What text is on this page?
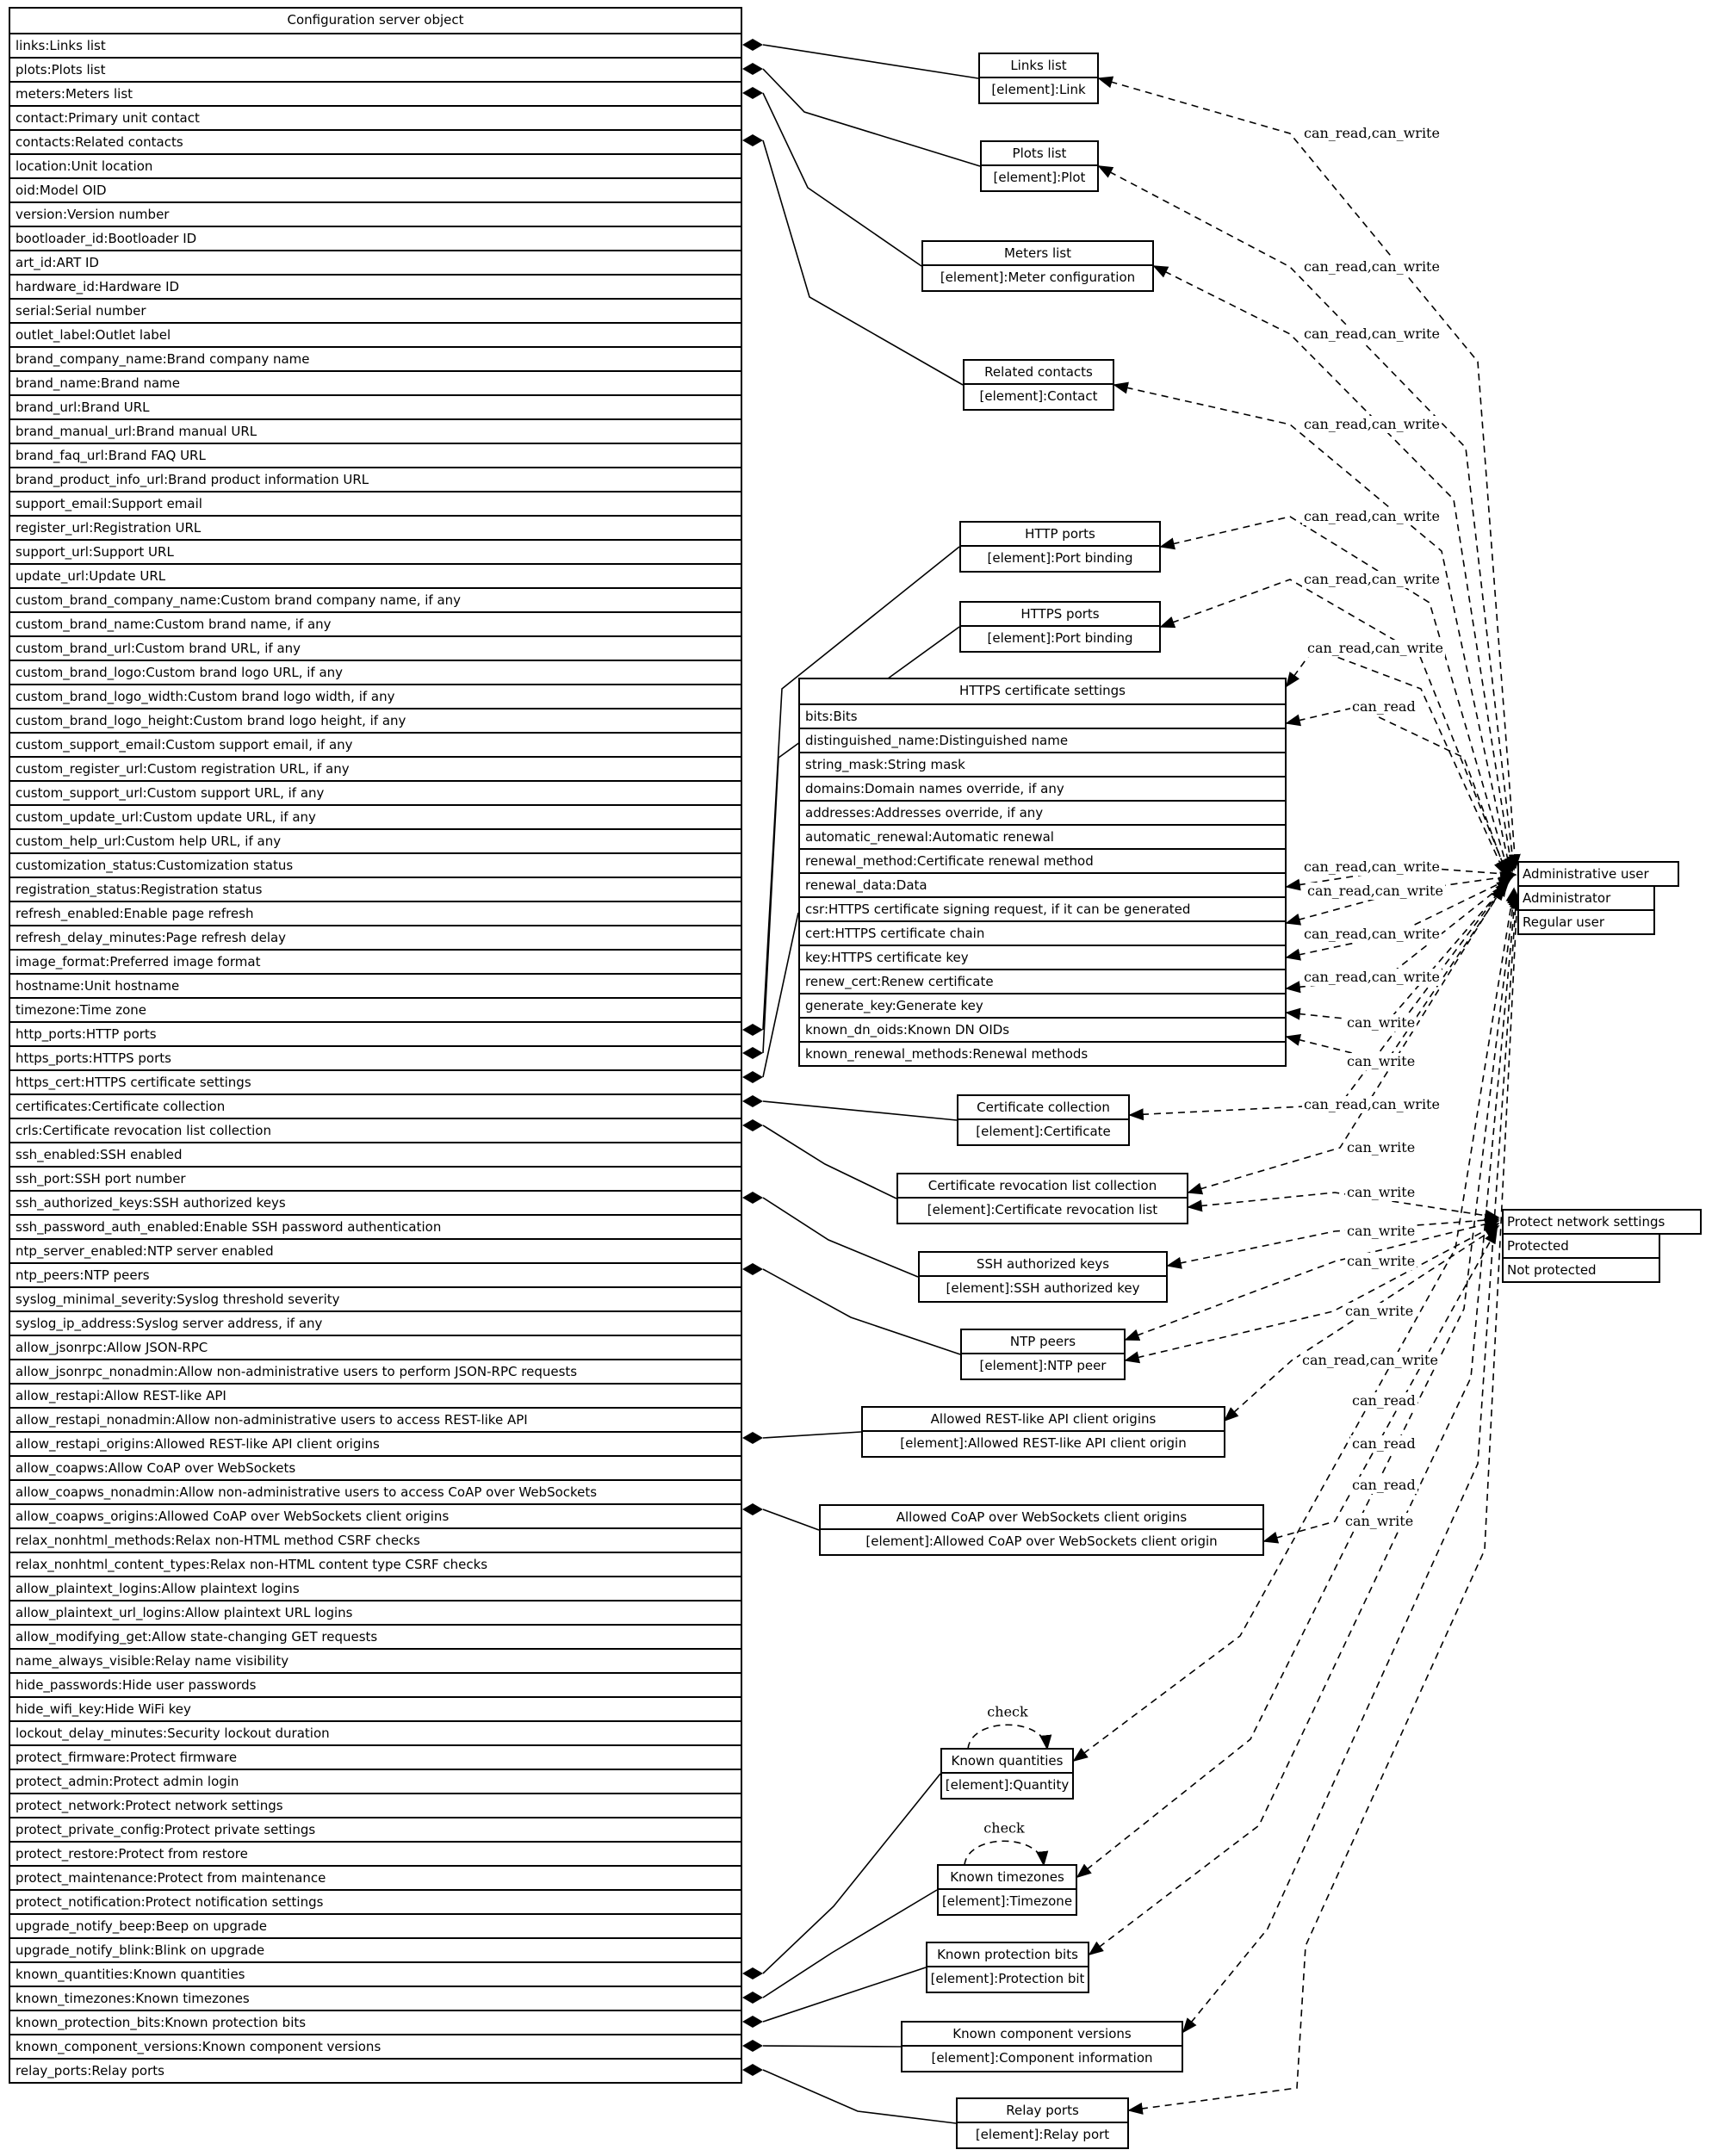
Configuration server object
links:Links list
plots:Plots list
meters:Meters list
contact:Primary unit contact
contacts:Related contacts
location:Unit location
oid:Model OID
version:Version number
bootloader_id:Bootloader ID
art_id:ART ID
hardware_id:Hardware ID
serial:Serial number
outlet_label:Outlet label
brand_company_name:Brand company name
brand_name:Brand name
brand_url:Brand URL
brand_manual_url:Brand manual URL
brand_faq_url:Brand FAQ URL
brand_product_info_url:Brand product information URL
support_email:Support email
register_url:Registration URL
support_url:Support URL
update_url:Update URL
custom_brand_company_name:Custom brand company name, if any
custom_brand_name:Custom brand name, if any
custom_brand_url:Custom brand URL, if any
custom_brand_logo:Custom brand logo URL, if any
custom_brand_logo_width:Custom brand logo width, if any
custom_brand_logo_height:Custom brand logo height, if any
custom_support_email:Custom support email, if any
custom_register_url:Custom registration URL, if any
custom_support_url:Custom support URL, if any
custom_update_url:Custom update URL, if any
custom_help_url:Custom help URL, if any
customization_status:Customization status
registration_status:Registration status
refresh_enabled:Enable page refresh
refresh_delay_minutes:Page refresh delay
image_format:Preferred image format
hostname:Unit hostname
timezone:Time zone
http_ports:HTTP ports
https_ports:HTTPS ports
https_cert:HTTPS certificate settings
certificates:Certificate collection
crls:Certificate revocation list collection
ssh_enabled:SSH enabled
ssh_port:SSH port number
ssh_authorized_keys:SSH authorized keys
ssh_password_auth_enabled:Enable SSH password authentication
ntp_server_enabled:NTP server enabled
ntp_peers:NTP peers
syslog_minimal_severity:Syslog threshold severity
syslog_ip_address:Syslog server address, if any
allow_jsonrpc:Allow JSON-RPC
allow_jsonrpc_nonadmin:Allow non-administrative users to perform JSON-RPC requests
allow_restapi:Allow REST-like API
allow_restapi_nonadmin:Allow non-administrative users to access REST-like API
allow_restapi_origins:Allowed REST-like API client origins
allow_coapws:Allow CoAP over WebSockets
allow_coapws_nonadmin:Allow non-administrative users to access CoAP over WebSockets
allow_coapws_origins:Allowed CoAP over WebSockets client origins
relax_nonhtml_methods:Relax non-HTML method CSRF checks
relax_nonhtml_content_types:Relax non-HTML content type CSRF checks
allow_plaintext_logins:Allow plaintext logins
allow_plaintext_url_logins:Allow plaintext URL logins
allow_modifying_get:Allow state-changing GET requests
name_always_visible:Relay name visibility
hide_passwords:Hide user passwords
hide_wifi_key:Hide WiFi key
lockout_delay_minutes:Security lockout duration
protect_firmware:Protect firmware
protect_admin:Protect admin login
protect_network:Protect network settings
protect_private_config:Protect private settings
protect_restore:Protect from restore
protect_maintenance:Protect from maintenance
protect_notification:Protect notification settings
upgrade_notify_beep:Beep on upgrade
upgrade_notify_blink:Blink on upgrade
known_quantities:Known quantities
known_timezones:Known timezones
known_protection_bits:Known protection bits
known_component_versions:Known component versions
relay_ports:Relay ports
HTTPS certificate settings
bits:Bits
distinguished_name:Distinguished name
string_mask:String mask
domains:Domain names override, if any
addresses:Addresses override, if any
automatic_renewal:Automatic renewal
renewal_method:Certificate renewal method
renewal_data:Data
csr:HTTPS certificate signing request, if it can be generated
cert:HTTPS certificate chain
key:HTTPS certificate key
renew_cert:Renew certificate
generate_key:Generate key
known_dn_oids:Known DN OIDs
known_renewal_methods:Renewal methods
Links list
[element]:Link
Plots list
[element]:Plot
Meters list
[element]:Meter configuration
Related contacts
[element]:Contact
HTTP ports
[element]:Port binding
HTTPS ports
[element]:Port binding
Certificate collection
[element]:Certificate
Certificate revocation list collection
[element]:Certificate revocation list
SSH authorized keys
[element]:SSH authorized key
NTP peers
[element]:NTP peer
Allowed REST-like API client origins
[element]:Allowed REST-like API client origin
Allowed CoAP over WebSockets client origins
[element]:Allowed CoAP over WebSockets client origin
Known quantities
[element]:Quantity
Known timezones
[element]:Timezone
Known protection bits
[element]:Protection bit
Known component versions
[element]:Component information
Relay ports
[element]:Relay port
Administrative user
Administrator
Regular user
Protect network settings
Protected
Not protected
can_read,can_write
can_read,can_write
can_read,can_write
can_read,can_write
can_read,can_write
can_read,can_write
can_read,can_write
can_read
can_read,can_write
can_read,can_write
can_read,can_write
can_read,can_write
can_write
can_write
can_read,can_write
can_write
can_write
can_write
can_write
can_write
can_read,can_write
can_read
can_read
can_read
can_write
check
check
